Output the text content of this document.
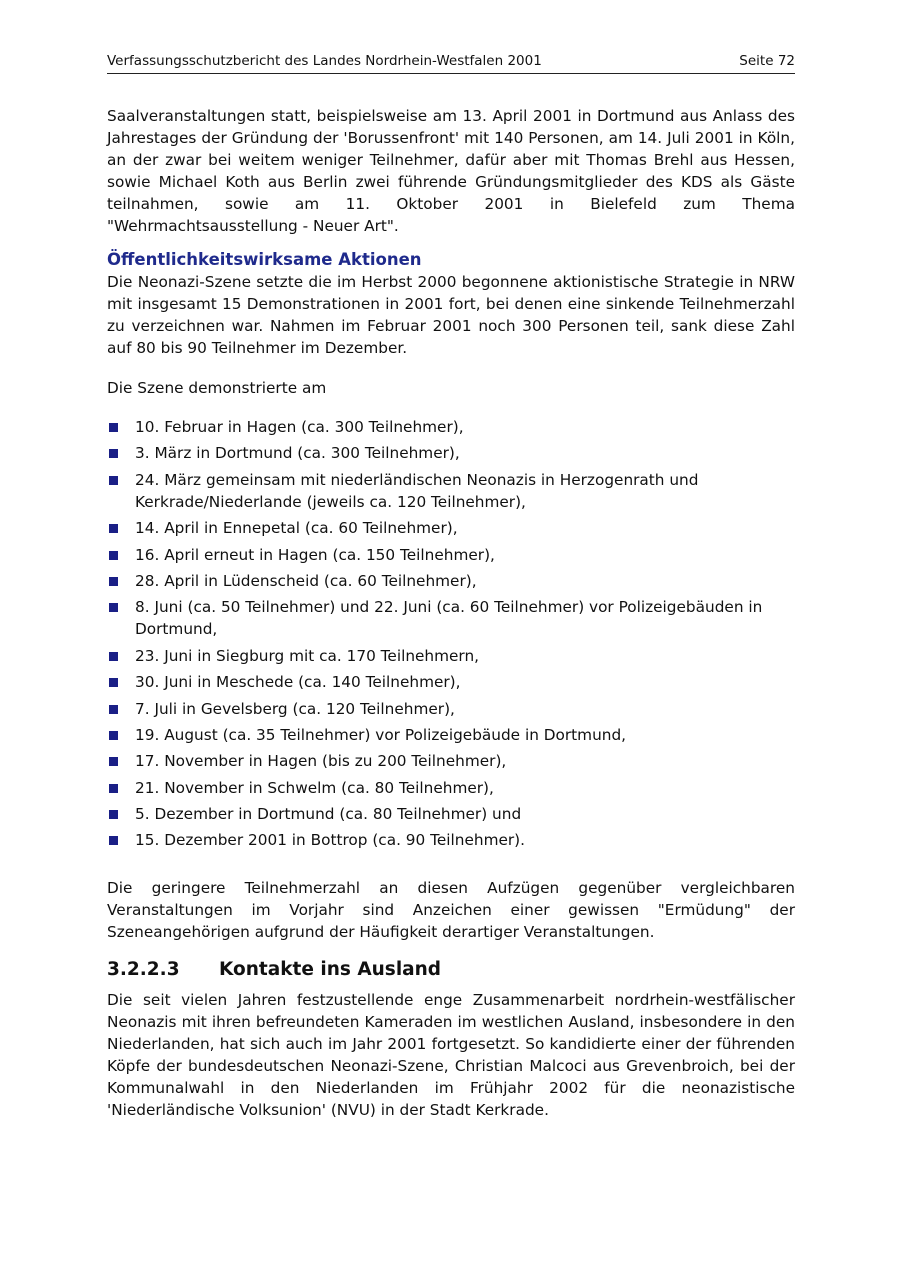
Verfassungsschutzbericht des Landes Nordrhein-Westfalen 2001	Seite 72

Saalveranstaltungen statt, beispielsweise am 13. April 2001 in Dortmund aus Anlass des Jahrestages der Gründung der 'Borussenfront' mit 140 Personen, am 14. Juli 2001 in Köln, an der zwar bei weitem weniger Teilnehmer, dafür aber mit Thomas Brehl aus Hessen, sowie Michael Koth aus Berlin zwei führende Gründungsmitglieder des KDS als Gäste teilnahmen, sowie am 11. Oktober 2001 in Bielefeld zum Thema "Wehrmachtsausstellung - Neuer Art".

Öffentlichkeitswirksame Aktionen

Die Neonazi-Szene setzte die im Herbst 2000 begonnene aktionistische Strategie in NRW mit insgesamt 15 Demonstrationen in 2001 fort, bei denen eine sinkende Teilnehmerzahl zu verzeichnen war. Nahmen im Februar 2001 noch 300 Personen teil, sank diese Zahl auf 80 bis 90 Teilnehmer im Dezember.

Die Szene demonstrierte am

10. Februar in Hagen (ca. 300 Teilnehmer),
3. März in Dortmund (ca. 300 Teilnehmer),
24. März gemeinsam mit niederländischen Neonazis in Herzogenrath und Kerkrade/Niederlande (jeweils ca. 120 Teilnehmer),
14. April in Ennepetal (ca. 60 Teilnehmer),
16. April erneut in Hagen (ca. 150 Teilnehmer),
28. April in Lüdenscheid (ca. 60 Teilnehmer),
8. Juni (ca. 50 Teilnehmer) und 22. Juni (ca. 60 Teilnehmer) vor Polizeigebäuden in Dortmund,
23. Juni in Siegburg mit ca. 170 Teilnehmern,
30. Juni in Meschede (ca. 140 Teilnehmer),
7. Juli in Gevelsberg (ca. 120 Teilnehmer),
19. August (ca. 35 Teilnehmer) vor Polizeigebäude in Dortmund,
17. November in Hagen (bis zu 200 Teilnehmer),
21. November in Schwelm (ca. 80 Teilnehmer),
5. Dezember in Dortmund (ca. 80 Teilnehmer) und
15. Dezember 2001 in Bottrop (ca. 90 Teilnehmer).

Die geringere Teilnehmerzahl an diesen Aufzügen gegenüber vergleichbaren Veranstaltungen im Vorjahr sind Anzeichen einer gewissen "Ermüdung" der Szeneangehörigen aufgrund der Häufigkeit derartiger Veranstaltungen.

3.2.2.3 Kontakte ins Ausland

Die seit vielen Jahren festzustellende enge Zusammenarbeit nordrhein-westfälischer Neonazis mit ihren befreundeten Kameraden im westlichen Ausland, insbesondere in den Niederlanden, hat sich auch im Jahr 2001 fortgesetzt. So kandidierte einer der führenden Köpfe der bundesdeutschen Neonazi-Szene, Christian Malcoci aus Grevenbroich, bei der Kommunalwahl in den Niederlanden im Frühjahr 2002 für die neonazistische 'Niederländische Volksunion' (NVU) in der Stadt Kerkrade.
